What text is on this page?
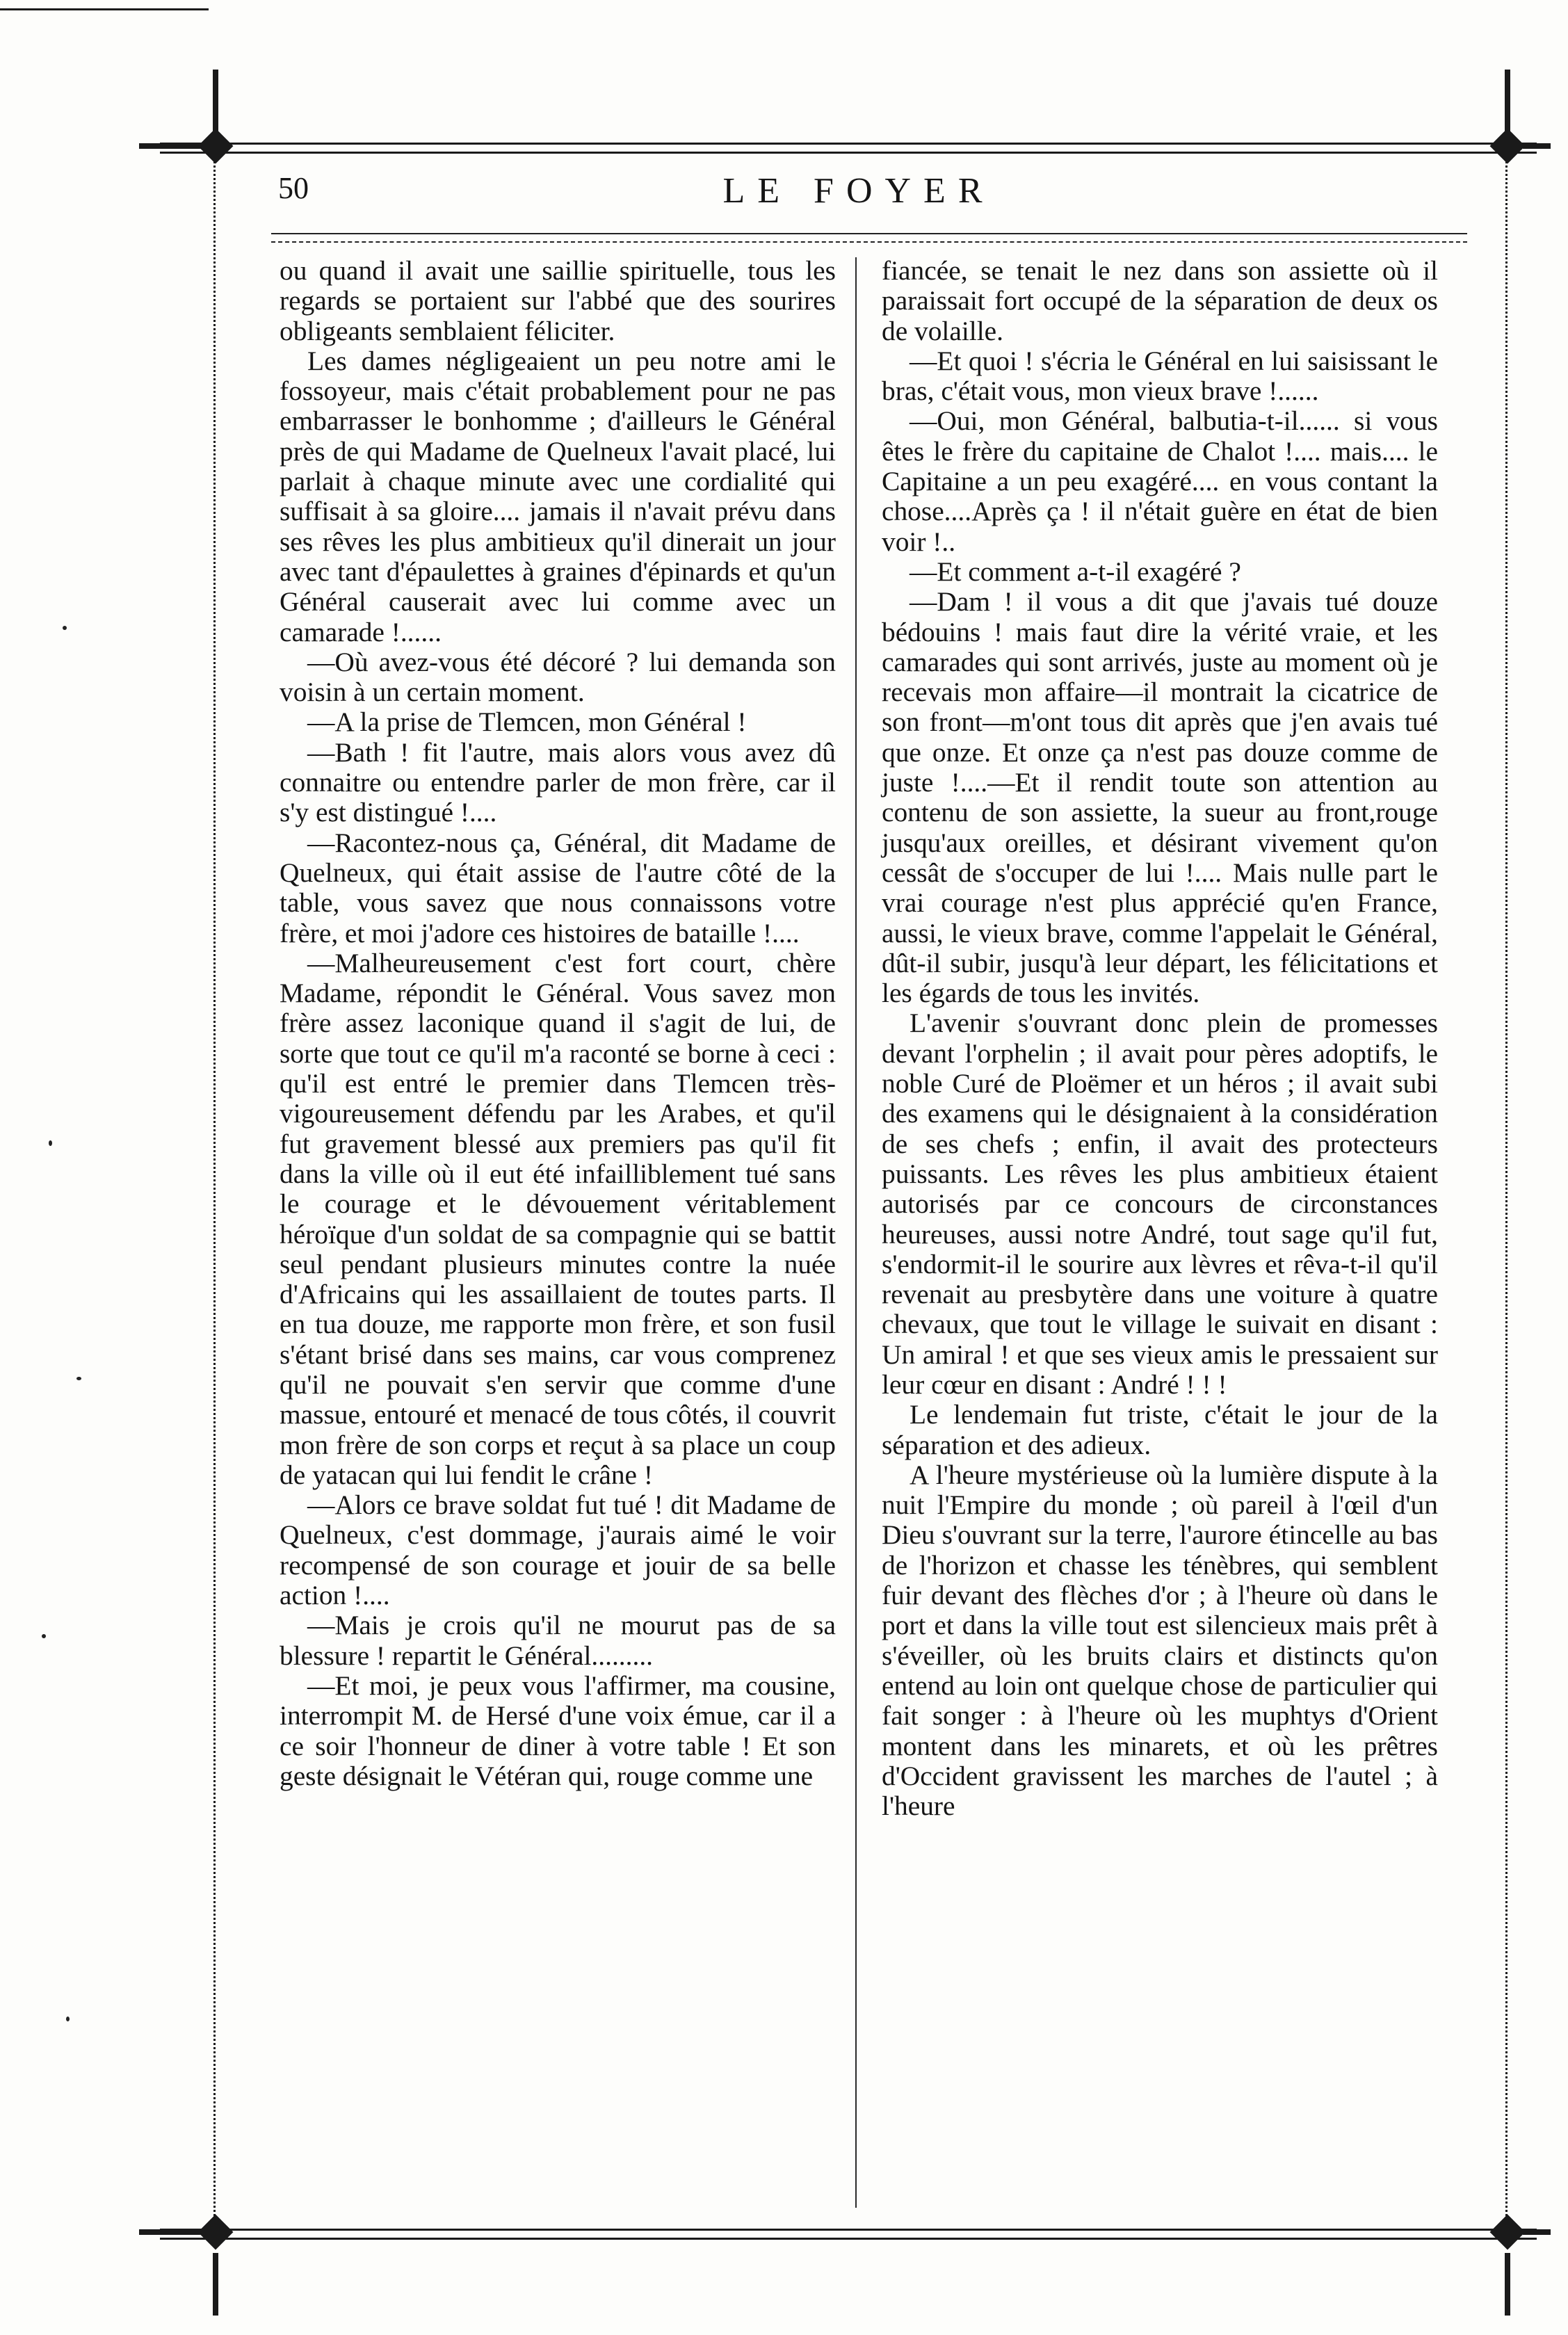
50	LE FOYER

ou quand il avait une saillie spirituelle, tous les regards se portaient sur l'abbé que des sourires obligeants semblaient féliciter.

Les dames négligeaient un peu notre ami le fossoyeur, mais c'était probablement pour ne pas embarrasser le bonhomme ; d'ailleurs le Général près de qui Madame de Quelneux l'avait placé, lui parlait à chaque minute avec une cordialité qui suffisait à sa gloire.... jamais il n'avait prévu dans ses rêves les plus ambitieux qu'il dinerait un jour avec tant d'épaulettes à graines d'épinards et qu'un Général causerait avec lui comme avec un camarade !......

—Où avez-vous été décoré ? lui demanda son voisin à un certain moment.

—A la prise de Tlemcen, mon Général !

—Bath ! fit l'autre, mais alors vous avez dû connaitre ou entendre parler de mon frère, car il s'y est distingué !....

—Racontez-nous ça, Général, dit Madame de Quelneux, qui était assise de l'autre côté de la table, vous savez que nous connaissons votre frère, et moi j'adore ces histoires de bataille !....

—Malheureusement c'est fort court, chère Madame, répondit le Général. Vous savez mon frère assez laconique quand il s'agit de lui, de sorte que tout ce qu'il m'a raconté se borne à ceci : qu'il est entré le premier dans Tlemcen très-vigoureusement défendu par les Arabes, et qu'il fut gravement blessé aux premiers pas qu'il fit dans la ville où il eut été infailliblement tué sans le courage et le dévouement véritablement héroïque d'un soldat de sa compagnie qui se battit seul pendant plusieurs minutes contre la nuée d'Africains qui les assaillaient de toutes parts. Il en tua douze, me rapporte mon frère, et son fusil s'étant brisé dans ses mains, car vous comprenez qu'il ne pouvait s'en servir que comme d'une massue, entouré et menacé de tous côtés, il couvrit mon frère de son corps et reçut à sa place un coup de yatacan qui lui fendit le crâne !

—Alors ce brave soldat fut tué ! dit Madame de Quelneux, c'est dommage, j'aurais aimé le voir recompensé de son courage et jouir de sa belle action !....

—Mais je crois qu'il ne mourut pas de sa blessure ! repartit le Général.........

—Et moi, je peux vous l'affirmer, ma cousine, interrompit M. de Hersé d'une voix émue, car il a ce soir l'honneur de diner à votre table ! Et son geste désignait le Vétéran qui, rouge comme une

fiancée, se tenait le nez dans son assiette où il paraissait fort occupé de la séparation de deux os de volaille.

—Et quoi ! s'écria le Général en lui saisissant le bras, c'était vous, mon vieux brave !......

—Oui, mon Général, balbutia-t-il...... si vous êtes le frère du capitaine de Chalot !.... mais.... le Capitaine a un peu exagéré.... en vous contant la chose....Après ça ! il n'était guère en état de bien voir !..

—Et comment a-t-il exagéré ?

—Dam ! il vous a dit que j'avais tué douze bédouins ! mais faut dire la vérité vraie, et les camarades qui sont arrivés, juste au moment où je recevais mon affaire—il montrait la cicatrice de son front—m'ont tous dit après que j'en avais tué que onze. Et onze ça n'est pas douze comme de juste !....—Et il rendit toute son attention au contenu de son assiette, la sueur au front,rouge jusqu'aux oreilles, et désirant vivement qu'on cessât de s'occuper de lui !.... Mais nulle part le vrai courage n'est plus apprécié qu'en France, aussi, le vieux brave, comme l'appelait le Général, dût-il subir, jusqu'à leur départ, les félicitations et les égards de tous les invités.

L'avenir s'ouvrant donc plein de promesses devant l'orphelin ; il avait pour pères adoptifs, le noble Curé de Ploëmer et un héros ; il avait subi des examens qui le désignaient à la considération de ses chefs ; enfin, il avait des protecteurs puissants. Les rêves les plus ambitieux étaient autorisés par ce concours de circonstances heureuses, aussi notre André, tout sage qu'il fut, s'endormit-il le sourire aux lèvres et rêva-t-il qu'il revenait au presbytère dans une voiture à quatre chevaux, que tout le village le suivait en disant : Un amiral ! et que ses vieux amis le pressaient sur leur cœur en disant : André ! ! !

Le lendemain fut triste, c'était le jour de la séparation et des adieux.

A l'heure mystérieuse où la lumière dispute à la nuit l'Empire du monde ; où pareil à l'œil d'un Dieu s'ouvrant sur la terre, l'aurore étincelle au bas de l'horizon et chasse les ténèbres, qui semblent fuir devant des flèches d'or ; à l'heure où dans le port et dans la ville tout est silencieux mais prêt à s'éveiller, où les bruits clairs et distincts qu'on entend au loin ont quelque chose de particulier qui fait songer : à l'heure où les muphtys d'Orient montent dans les minarets, et où les prêtres d'Occident gravissent les marches de l'autel ; à l'heure
